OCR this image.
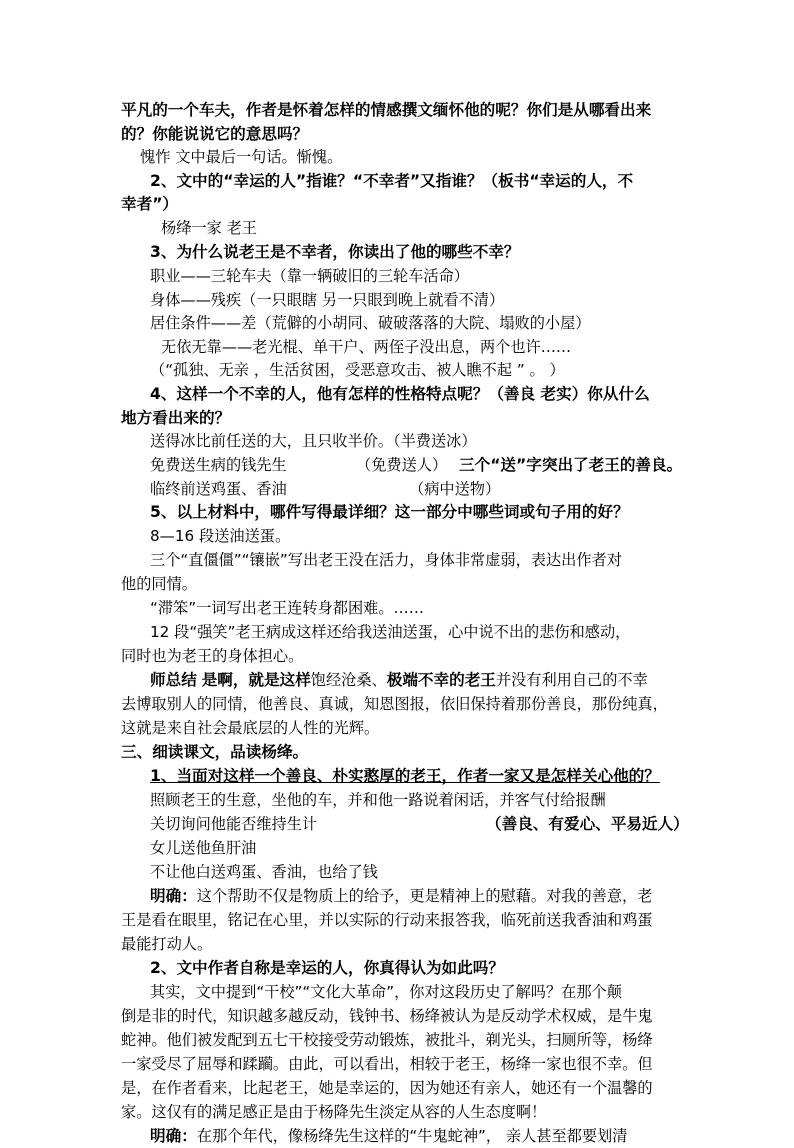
平凡的一个车夫，作者是怀着怎样的情感撰文缅怀他的呢？你们是从哪看出来
的？你能说说它的意思吗？
愧怍 文中最后一句话。惭愧。
2、文中的“幸运的人”指谁？“不幸者”又指谁？（板书“幸运的人，不
幸者”）
杨绛一家 老王
3、为什么说老王是不幸者，你读出了他的哪些不幸？
职业——三轮车夫（靠一辆破旧的三轮车活命）
身体——残疾（一只眼瞎 另一只眼到晚上就看不清）
居住条件——差（荒僻的小胡同、破破落落的大院、塌败的小屋）
无依无靠——老光棍、单干户、两侄子没出息，两个也许……
（“孤独、无亲 ，生活贫困，受恶意攻击、被人瞧不起 ” 。 ）
4、这样一个不幸的人，他有怎样的性格特点呢？（善良 老实）你从什么
地方看出来的？
送得冰比前任送的大，且只收半价。（半费送冰）
免费送生病的钱先生	（免费送人） 三个“送”字突出了老王的善良。
临终前送鸡蛋、香油	（病中送物）
5、以上材料中，哪件写得最详细？这一部分中哪些词或句子用的好？
8—16 段送油送蛋。
三个“直僵僵”“镶嵌”写出老王没在活力，身体非常虚弱，表达出作者对
他的同情。
“滞笨”一词写出老王连转身都困难。……
12 段“强笑”老王病成这样还给我送油送蛋，心中说不出的悲伤和感动，
同时也为老王的身体担心。
师总结 是啊，就是这样饱经沧桑、极端不幸的老王并没有利用自己的不幸
去博取别人的同情，他善良、真诚，知恩图报，依旧保持着那份善良，那份纯真，
这就是来自社会最底层的人性的光辉。
三、细读课文，品读杨绛。
1、当面对这样一个善良、朴实憨厚的老王，作者一家又是怎样关心他的？
照顾老王的生意，坐他的车，并和他一路说着闲话，并客气付给报酬
关切询问他能否维持生计	（善良、有爱心、平易近人）
女儿送他鱼肝油
不让他白送鸡蛋、香油，也给了钱
明确：这个帮助不仅是物质上的给予，更是精神上的慰藉。对我的善意，老
王是看在眼里，铭记在心里，并以实际的行动来报答我，临死前送我香油和鸡蛋
最能打动人。
2、文中作者自称是幸运的人，你真得认为如此吗？
其实，文中提到“干校”“文化大革命”，你对这段历史了解吗？在那个颠
倒是非的时代，知识越多越反动，钱钟书、杨绛被认为是反动学术权威，是牛鬼
蛇神。他们被发配到五七干校接受劳动锻炼，被批斗，剃光头，扫厕所等，杨绛
一家受尽了屈辱和蹂躏。由此，可以看出，相较于老王，杨绛一家也很不幸。但
是，在作者看来，比起老王，她是幸运的，因为她还有亲人，她还有一个温馨的
家。这仅有的满足感正是由于杨降先生淡定从容的人生态度啊！
明确：在那个年代，像杨绛先生这样的“牛鬼蛇神”， 亲人甚至都要划清
